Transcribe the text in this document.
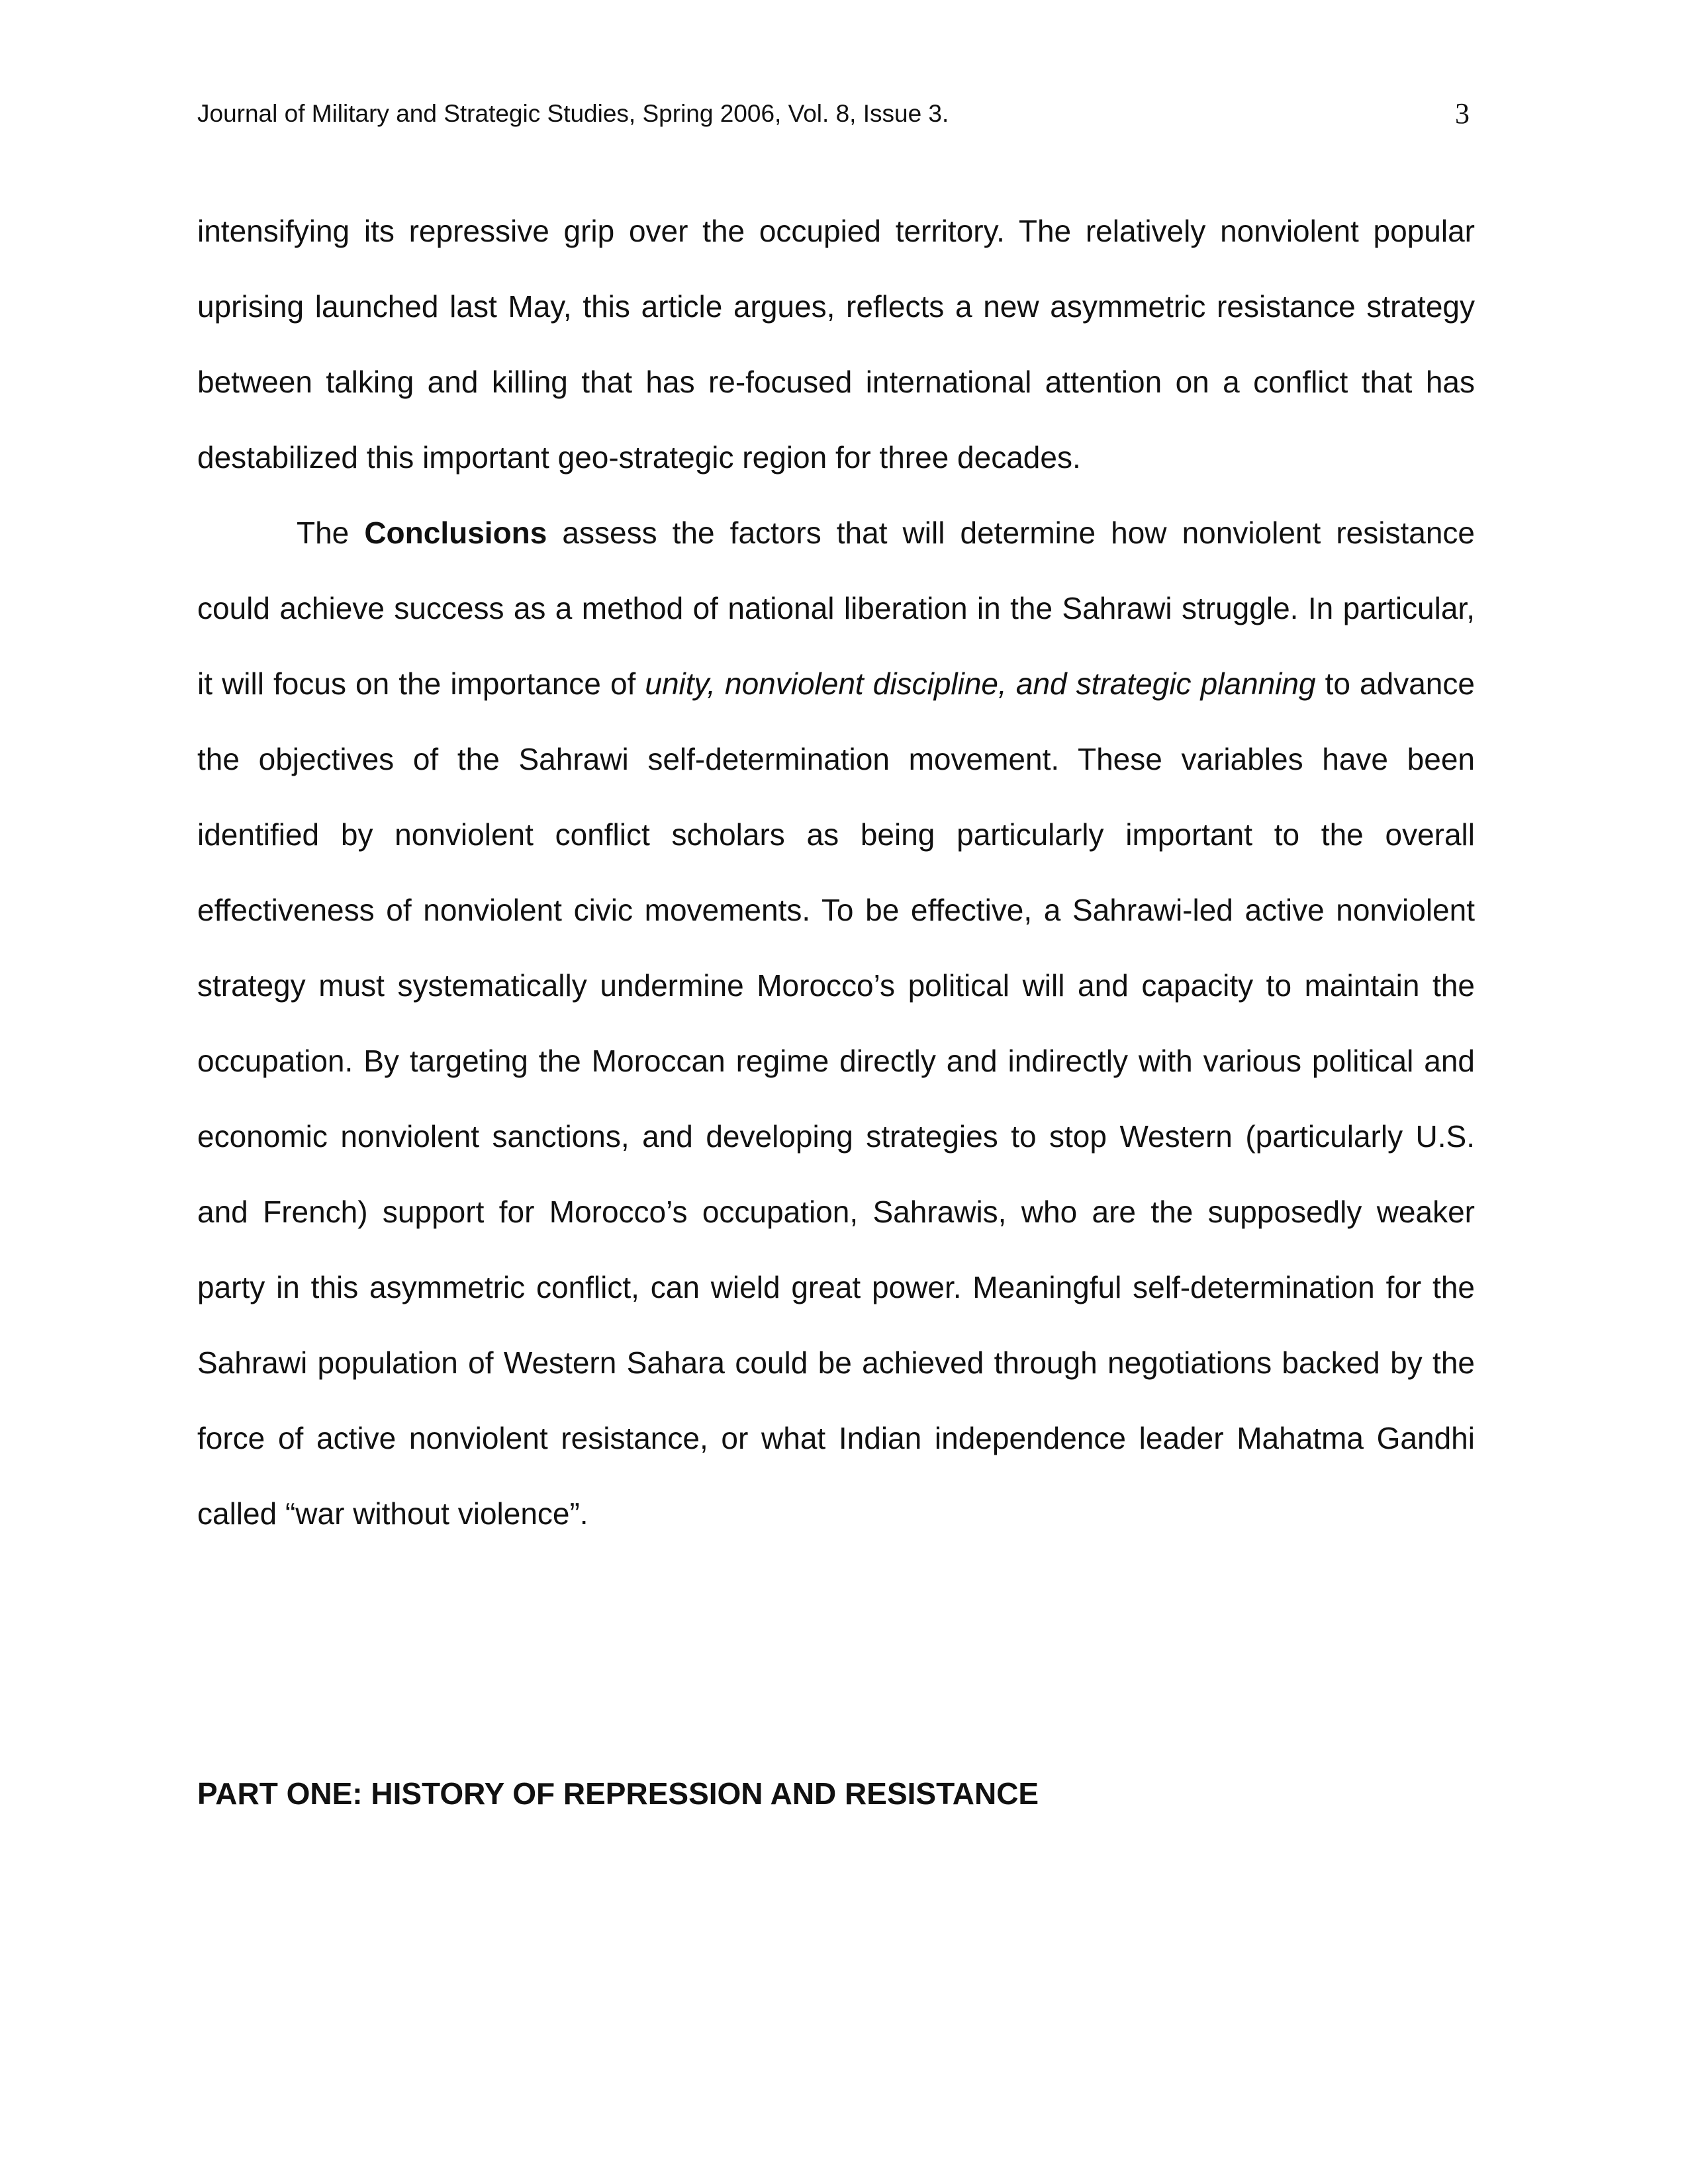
Journal of Military and Strategic Studies, Spring 2006, Vol. 8, Issue 3.	3

intensifying its repressive grip over the occupied territory. The relatively nonviolent popular uprising launched last May, this article argues, reflects a new asymmetric resistance strategy between talking and killing that has re-focused international attention on a conflict that has destabilized this important geo-strategic region for three decades.

The Conclusions assess the factors that will determine how nonviolent resistance could achieve success as a method of national liberation in the Sahrawi struggle. In particular, it will focus on the importance of unity, nonviolent discipline, and strategic planning to advance the objectives of the Sahrawi self-determination movement. These variables have been identified by nonviolent conflict scholars as being particularly important to the overall effectiveness of nonviolent civic movements. To be effective, a Sahrawi-led active nonviolent strategy must systematically undermine Morocco’s political will and capacity to maintain the occupation. By targeting the Moroccan regime directly and indirectly with various political and economic nonviolent sanctions, and developing strategies to stop Western (particularly U.S. and French) support for Morocco’s occupation, Sahrawis, who are the supposedly weaker party in this asymmetric conflict, can wield great power. Meaningful self-determination for the Sahrawi population of Western Sahara could be achieved through negotiations backed by the force of active nonviolent resistance, or what Indian independence leader Mahatma Gandhi called “war without violence”.

PART ONE: HISTORY OF REPRESSION AND RESISTANCE
